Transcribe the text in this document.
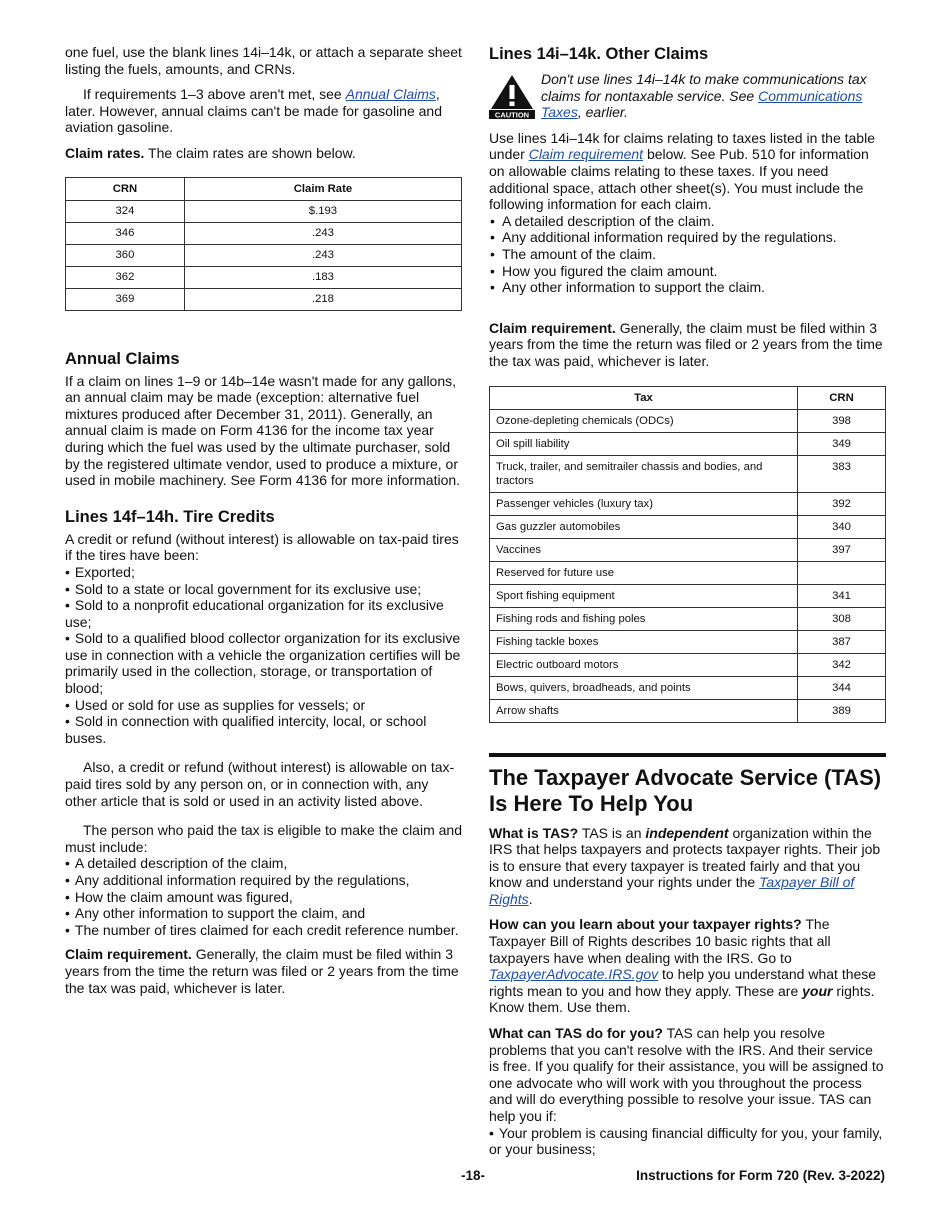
one fuel, use the blank lines 14i–14k, or attach a separate sheet listing the fuels, amounts, and CRNs.

If requirements 1–3 above aren't met, see Annual Claims, later. However, annual claims can't be made for gasoline and aviation gasoline.

Claim rates. The claim rates are shown below.

CRN	Claim Rate
324	$.193
346	.243
360	.243
362	.183
369	.218
Annual Claims

If a claim on lines 1–9 or 14b–14e wasn't made for any gallons, an annual claim may be made (exception: alternative fuel mixtures produced after December 31, 2011). Generally, an annual claim is made on Form 4136 for the income tax year during which the fuel was used by the ultimate purchaser, sold by the registered ultimate vendor, used to produce a mixture, or used in mobile machinery. See Form 4136 for more information.

Lines 14f–14h. Tire Credits

A credit or refund (without interest) is allowable on tax-paid tires if the tires have been:

• Exported;
• Sold to a state or local government for its exclusive use;
• Sold to a nonprofit educational organization for its exclusive use;
• Sold to a qualified blood collector organization for its exclusive use in connection with a vehicle the organization certifies will be primarily used in the collection, storage, or transportation of blood;
• Used or sold for use as supplies for vessels; or
• Sold in connection with qualified intercity, local, or school buses.

Also, a credit or refund (without interest) is allowable on tax-paid tires sold by any person on, or in connection with, any other article that is sold or used in an activity listed above.

The person who paid the tax is eligible to make the claim and must include:

• A detailed description of the claim,
• Any additional information required by the regulations,
• How the claim amount was figured,
• Any other information to support the claim, and
• The number of tires claimed for each credit reference number.

Claim requirement. Generally, the claim must be filed within 3 years from the time the return was filed or 2 years from the time the tax was paid, whichever is later.

Lines 14i–14k. Other Claims
CAUTION

Don't use lines 14i–14k to make communications tax claims for nontaxable service. See Communications Taxes, earlier.

Use lines 14i–14k for claims relating to taxes listed in the table under Claim requirement below. See Pub. 510 for information on allowable claims relating to these taxes. If you need additional space, attach other sheet(s). You must include the following information for each claim.

• A detailed description of the claim.
• Any additional information required by the regulations.
• The amount of the claim.
• How you figured the claim amount.
• Any other information to support the claim.

Claim requirement. Generally, the claim must be filed within 3 years from the time the return was filed or 2 years from the time the tax was paid, whichever is later.

Tax	CRN
Ozone-depleting chemicals (ODCs)	398
Oil spill liability	349
Truck, trailer, and semitrailer chassis and bodies, and tractors	383
Passenger vehicles (luxury tax)	392
Gas guzzler automobiles	340
Vaccines	397
Reserved for future use	
Sport fishing equipment	341
Fishing rods and fishing poles	308
Fishing tackle boxes	387
Electric outboard motors	342
Bows, quivers, broadheads, and points	344
Arrow shafts	389
The Taxpayer Advocate Service (TAS) Is Here To Help You

What is TAS? TAS is an independent organization within the IRS that helps taxpayers and protects taxpayer rights. Their job is to ensure that every taxpayer is treated fairly and that you know and understand your rights under the Taxpayer Bill of Rights.

How can you learn about your taxpayer rights? The Taxpayer Bill of Rights describes 10 basic rights that all taxpayers have when dealing with the IRS. Go to TaxpayerAdvocate.IRS.gov to help you understand what these rights mean to you and how they apply. These are your rights. Know them. Use them.

What can TAS do for you? TAS can help you resolve problems that you can't resolve with the IRS. And their service is free. If you qualify for their assistance, you will be assigned to one advocate who will work with you throughout the process and will do everything possible to resolve your issue. TAS can help you if:

• Your problem is causing financial difficulty for you, your family, or your business;
-18-	Instructions for Form 720 (Rev. 3-2022)
